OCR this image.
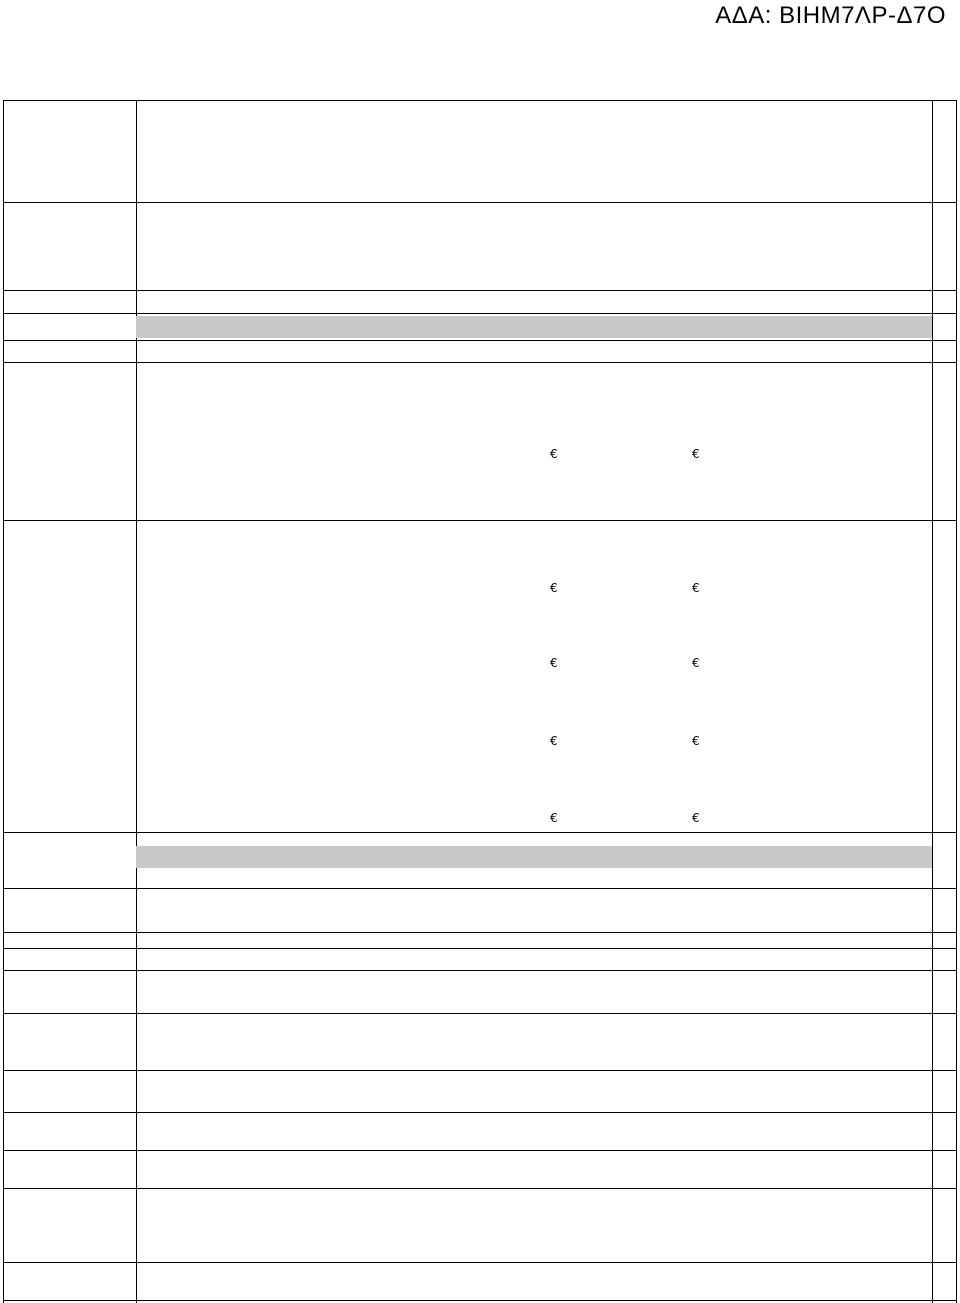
ΑΔΑ: ΒΙΗΜ7ΛΡ-Δ7Ο
€	€
€	€
€	€
€	€
€	€
